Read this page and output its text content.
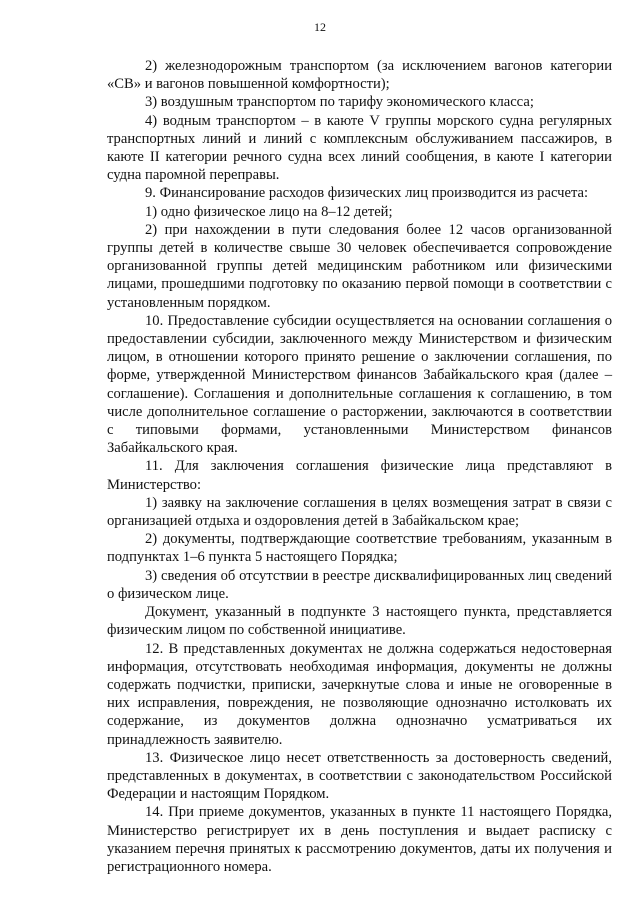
12

2) железнодорожным транспортом (за исключением вагонов категории «СВ» и вагонов повышенной комфортности);

3) воздушным транспортом по тарифу экономического класса;

4) водным транспортом – в каюте V группы морского судна регулярных транспортных линий и линий с комплексным обслуживанием пассажиров, в каюте II категории речного судна всех линий сообщения, в каюте I категории судна паромной переправы.

9. Финансирование расходов физических лиц производится из расчета:

1) одно физическое лицо на 8–12 детей;

2) при нахождении в пути следования более 12 часов организованной группы детей в количестве свыше 30 человек обеспечивается сопровождение организованной группы детей медицинским работником или физическими лицами, прошедшими подготовку по оказанию первой помощи в соответствии с установленным порядком.

10. Предоставление субсидии осуществляется на основании соглашения о предоставлении субсидии, заключенного между Министерством и физическим лицом, в отношении которого принято решение о заключении соглашения, по форме, утвержденной Министерством финансов Забайкальского края (далее – соглашение). Соглашения и дополнительные соглашения к соглашению, в том числе дополнительное соглашение о расторжении, заключаются в соответствии с типовыми формами, установленными Министерством финансов Забайкальского края.

11. Для заключения соглашения физические лица представляют в Министерство:

1) заявку на заключение соглашения в целях возмещения затрат в связи с организацией отдыха и оздоровления детей в Забайкальском крае;

2) документы, подтверждающие соответствие требованиям, указанным в подпунктах 1–6 пункта 5 настоящего Порядка;

3) сведения об отсутствии в реестре дисквалифицированных лиц сведений о физическом лице.

Документ, указанный в подпункте 3 настоящего пункта, представляется физическим лицом по собственной инициативе.

12. В представленных документах не должна содержаться недостоверная информация, отсутствовать необходимая информация, документы не должны содержать подчистки, приписки, зачеркнутые слова и иные не оговоренные в них исправления, повреждения, не позволяющие однозначно истолковать их содержание, из документов должна однозначно усматриваться их принадлежность заявителю.

13. Физическое лицо несет ответственность за достоверность сведений, представленных в документах, в соответствии с законодательством Российской Федерации и настоящим Порядком.

14. При приеме документов, указанных в пункте 11 настоящего Порядка, Министерство регистрирует их в день поступления и выдает расписку с указанием перечня принятых к рассмотрению документов, даты их получения и регистрационного номера.
